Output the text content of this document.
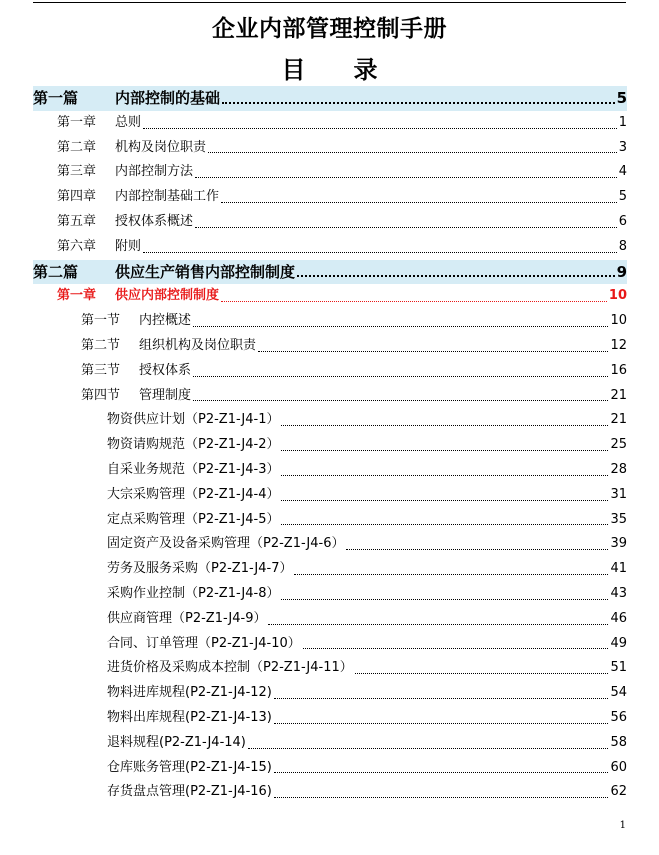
企业内部管理控制手册
目　　录
第一篇	内部控制的基础	5
第一章	总则	1
第二章	机构及岗位职责	3
第三章	内部控制方法	4
第四章	内部控制基础工作	5
第五章	授权体系概述	6
第六章	附则	8
第二篇	供应生产销售内部控制制度	9
第一章	供应内部控制制度	10
第一节	内控概述	10
第二节	组织机构及岗位职责	12
第三节	授权体系	16
第四节	管理制度	21
物资供应计划（P2-Z1-J4-1）	21
物资请购规范（P2-Z1-J4-2）	25
自采业务规范（P2-Z1-J4-3）	28
大宗采购管理（P2-Z1-J4-4）	31
定点采购管理（P2-Z1-J4-5）	35
固定资产及设备采购管理（P2-Z1-J4-6）	39
劳务及服务采购（P2-Z1-J4-7）	41
采购作业控制（P2-Z1-J4-8）	43
供应商管理（P2-Z1-J4-9）	46
合同、订单管理（P2-Z1-J4-10）	49
进货价格及采购成本控制（P2-Z1-J4-11）	51
物料进库规程(P2-Z1-J4-12)	54
物料出库规程(P2-Z1-J4-13)	56
退料规程(P2-Z1-J4-14)	58
仓库账务管理(P2-Z1-J4-15)	60
存货盘点管理(P2-Z1-J4-16)	62
1
